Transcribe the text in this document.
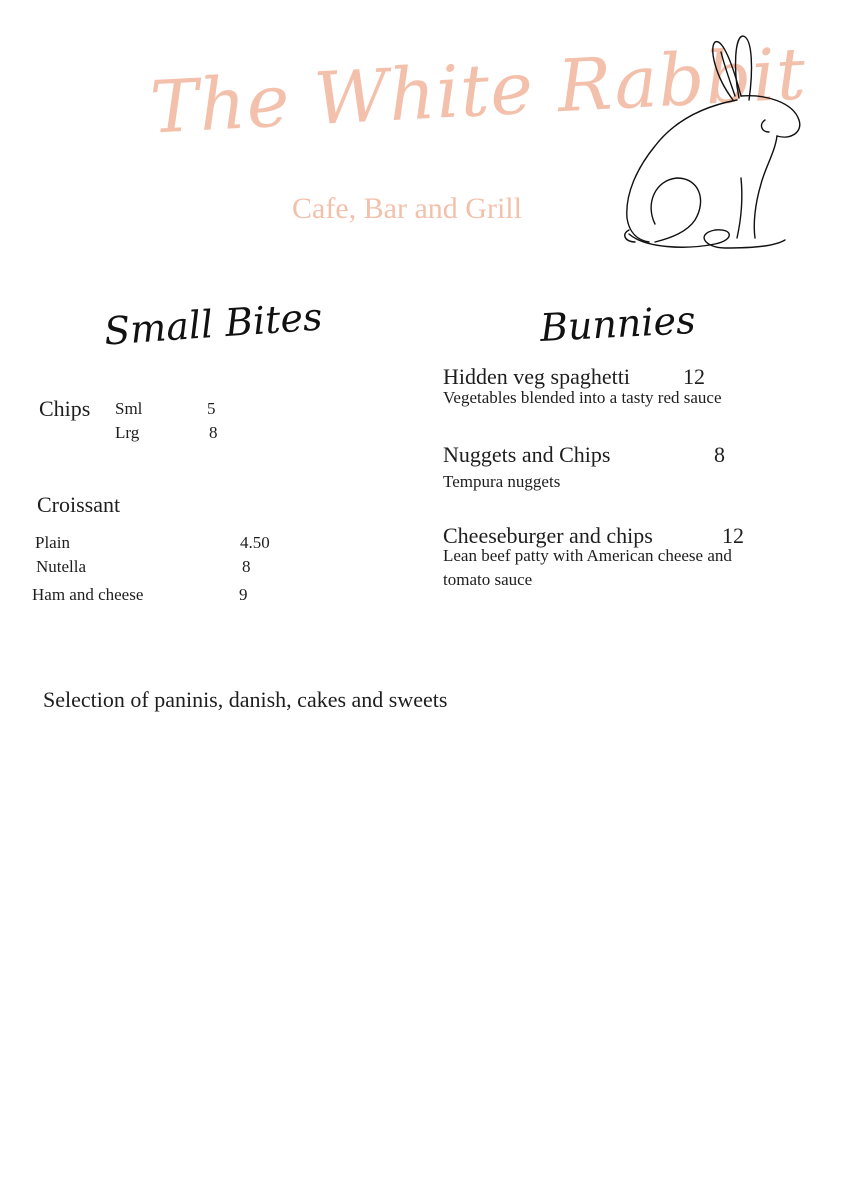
The White Rabbit
Cafe, Bar and Grill
Small Bites
Chips Sml	5
Lrg	8
Croissant
Plain	4.50
Nutella	8
Ham and cheese	9
Bunnies
Hidden veg spaghetti 12
Vegetables blended into a tasty red sauce
Nuggets and Chips	8
Tempura nuggets
Cheeseburger and chips	12
Lean beef patty with American cheese and tomato sauce
Selection of paninis, danish, cakes and sweets
